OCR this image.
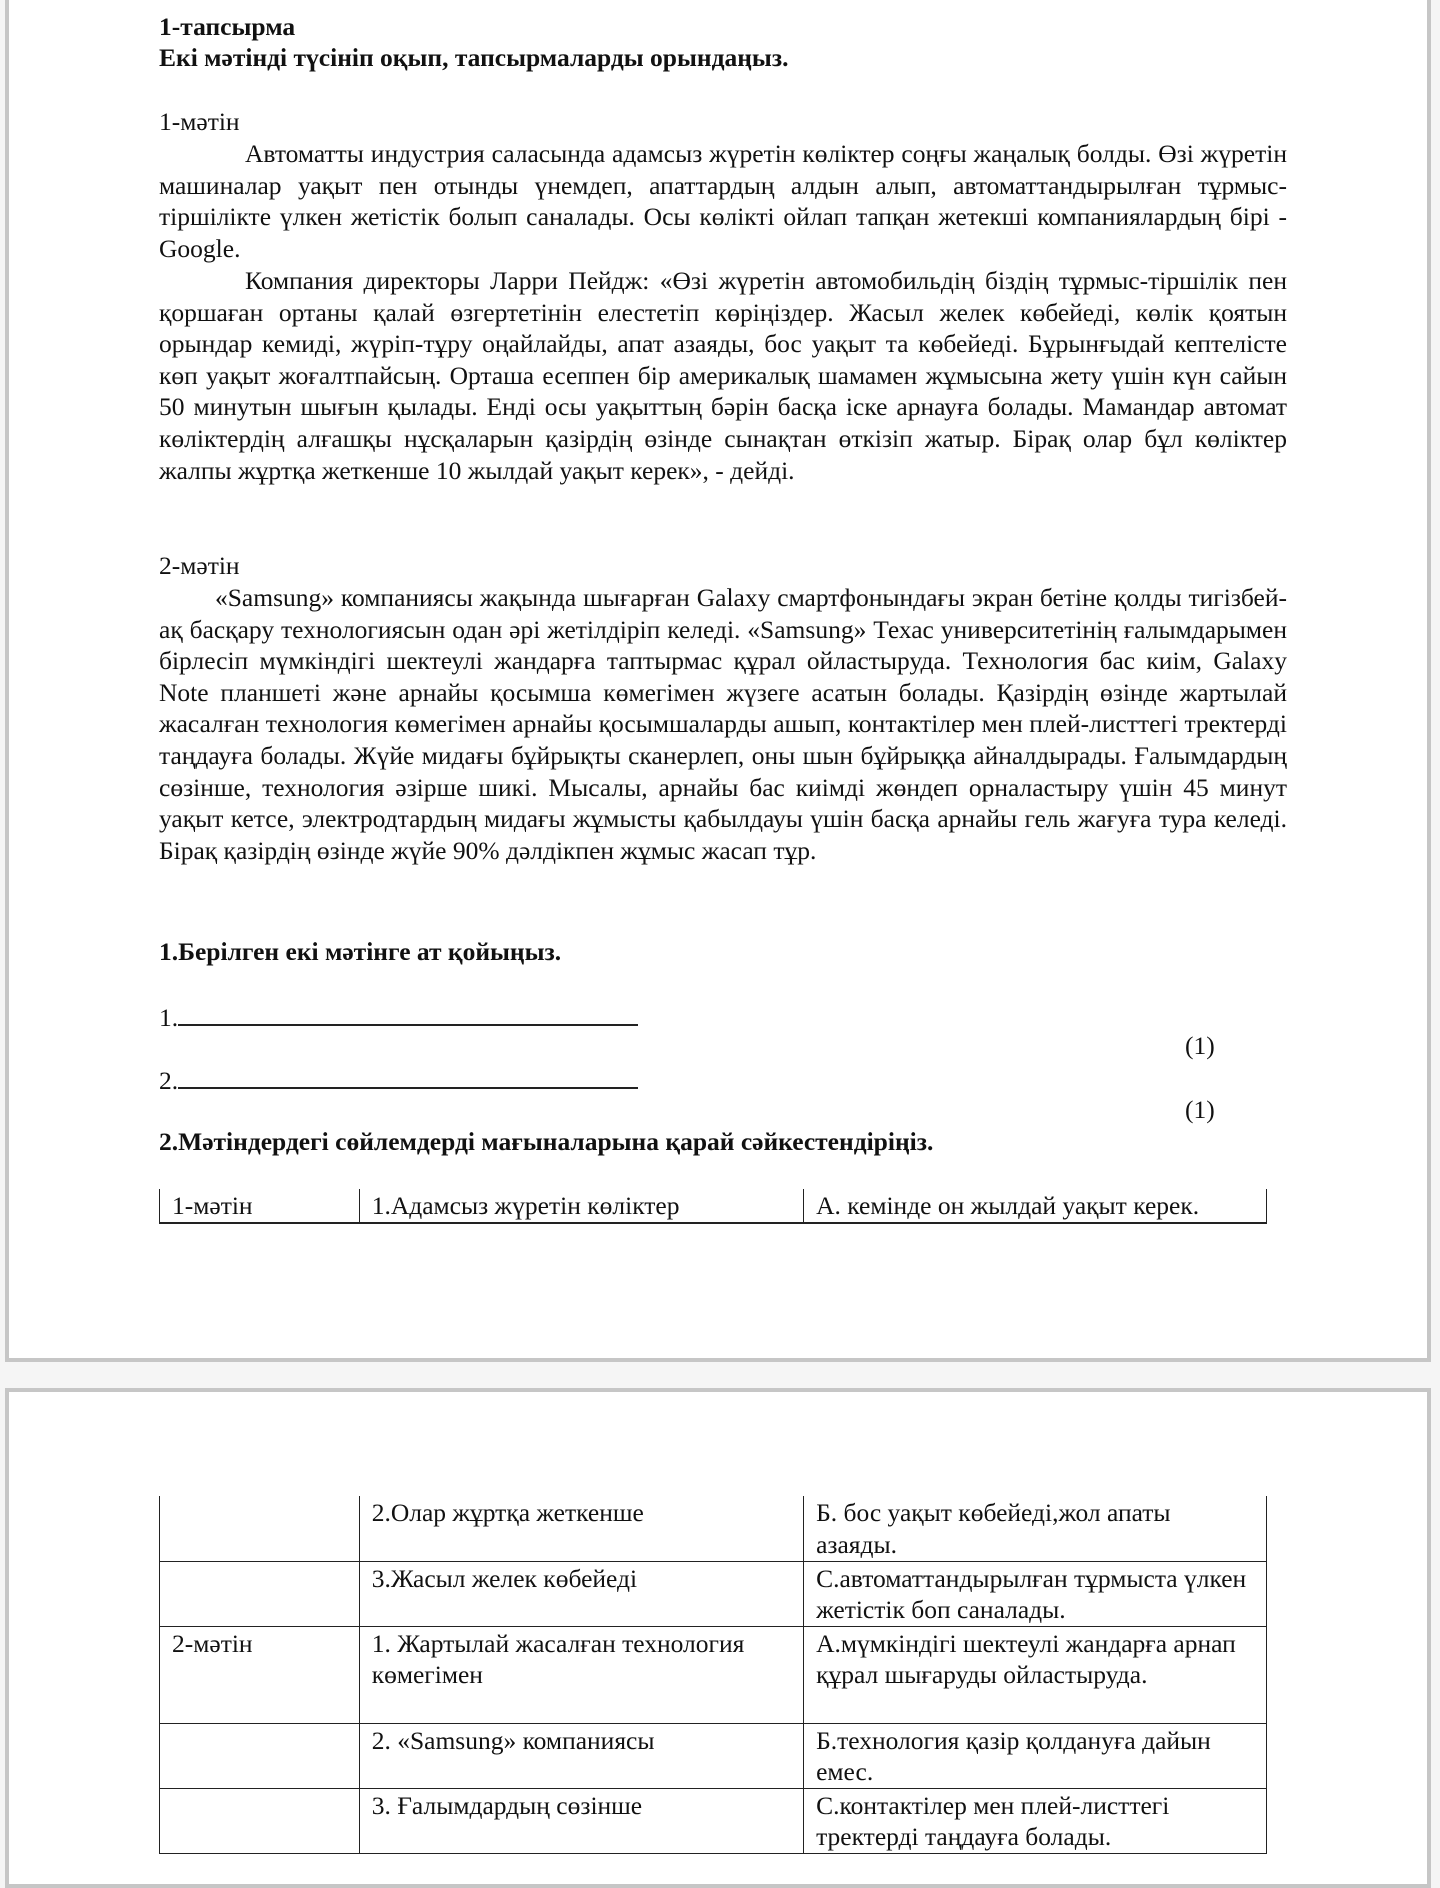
1-тапсырма
Екі мәтінді түсініп оқып, тапсырмаларды орындаңыз.
1-мәтін

Автоматты индустрия саласында адамсыз жүретін көліктер соңғы жаңалық болды. Өзі жүретін машиналар уақыт пен отынды үнемдеп, апаттардың алдын алып, автоматтандырылған тұрмыс-тіршілікте үлкен жетістік болып саналады. Осы көлікті ойлап тапқан жетекші компаниялардың бірі - Google.

Компания директоры Ларри Пейдж: «Өзі жүретін автомобильдің біздің тұрмыс-тіршілік пен қоршаған ортаны қалай өзгертетінін елестетіп көріңіздер. Жасыл желек көбейеді, көлік қоятын орындар кемиді, жүріп-тұру оңайлайды, апат азаяды, бос уақыт та көбейеді. Бұрынғыдай кептелісте көп уақыт жоғалтпайсың. Орташа есеппен бір америкалық шамамен жұмысына жету үшін күн сайын 50 минутын шығын қылады. Енді осы уақыттың бәрін басқа іске арнауға болады. Мамандар автомат көліктердің алғашқы нұсқаларын қазірдің өзінде сынақтан өткізіп жатыр. Бірақ олар бұл көліктер жалпы жұртқа жеткенше 10 жылдай уақыт керек», - дейді.

2-мәтін

«Samsung» компаниясы жақында шығарған Galaxy смартфонындағы экран бетіне қолды тигізбей-ақ басқару технологиясын одан әрі жетілдіріп келеді. «Samsung» Техас университетінің ғалымдарымен бірлесіп мүмкіндігі шектеулі жандарға таптырмас құрал ойластыруда. Технология бас киім, Galaxy Note планшеті және арнайы қосымша көмегімен жүзеге асатын болады. Қазірдің өзінде жартылай жасалған технология көмегімен арнайы қосымшаларды ашып, контактілер мен плей-листтегі тректерді таңдауға болады. Жүйе мидағы бұйрықты сканерлеп, оны шын бұйрыққа айналдырады. Ғалымдардың сөзінше, технология әзірше шикі. Мысалы, арнайы бас киімді жөндеп орналастыру үшін 45 минут уақыт кетсе, электродтардың мидағы жұмысты қабылдауы үшін басқа арнайы гель жағуға тура келеді. Бірақ қазірдің өзінде жүйе 90% дәлдікпен жұмыс жасап тұр.

1.Берілген екі мәтінге ат қойыңыз.
1.
(1)
2.
(1)
2.Мәтіндердегі сөйлемдерді мағыналарына қарай сәйкестендіріңіз.
1-мәтін	1.Адамсыз жүретін көліктер	А. кемінде он жылдай уақыт керек.
	2.Олар жұртқа жеткенше	Б. бос уақыт көбейеді,жол апаты азаяды.
	3.Жасыл желек көбейеді	С.автоматтандырылған тұрмыста үлкен жетістік боп саналады.
2-мәтін	1. Жартылай жасалған технология көмегімен	А.мүмкіндігі шектеулі жандарға арнап құрал шығаруды ойластыруда.
	2. «Samsung» компаниясы	Б.технология қазір қолдануға дайын емес.
	3. Ғалымдардың сөзінше	С.контактілер мен плей-листтегі тректерді таңдауға болады.
